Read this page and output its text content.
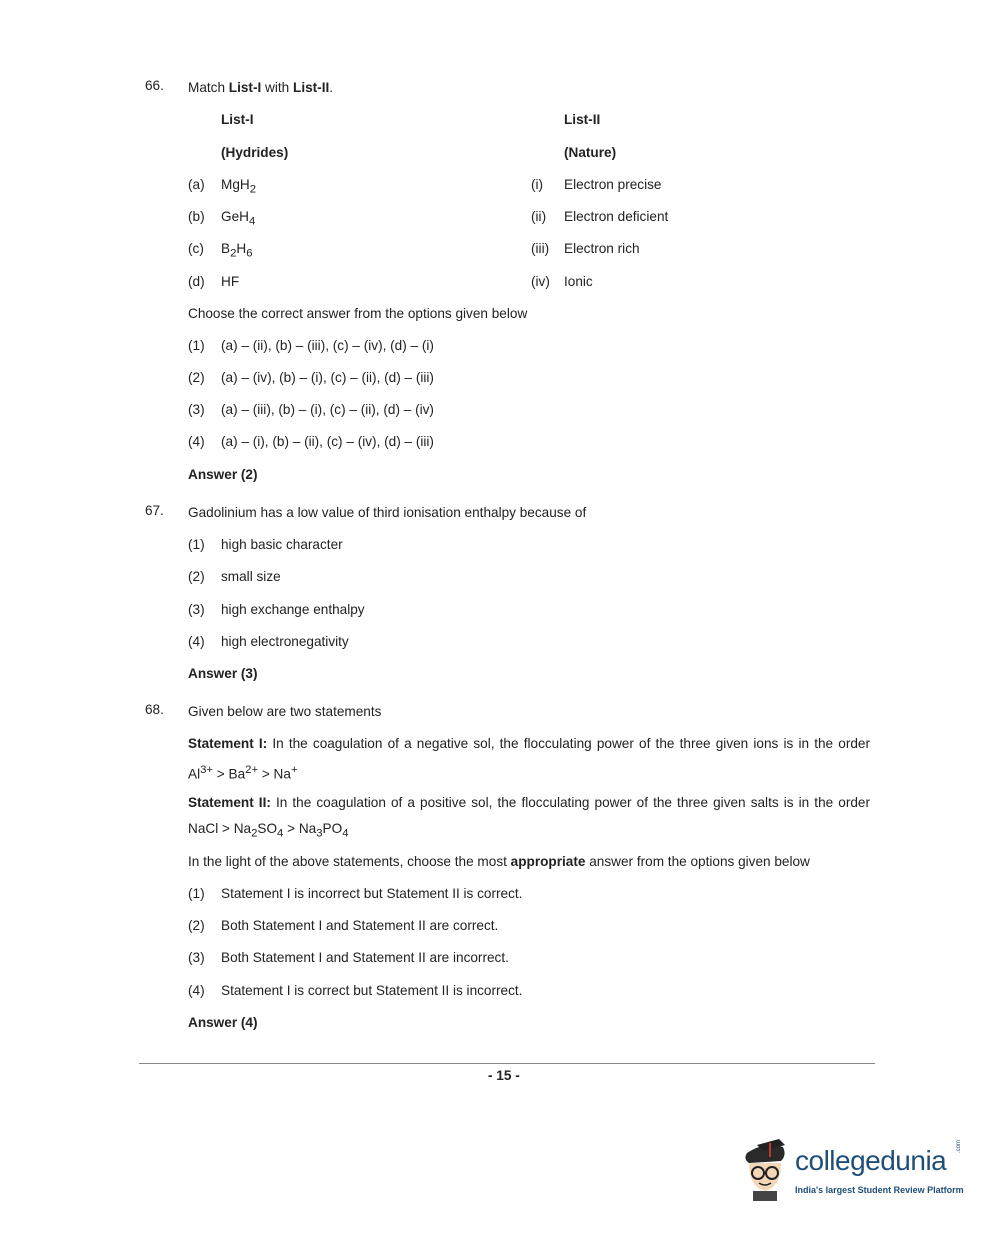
66. Match List-I with List-II.
List-I	List-II
(Hydrides)	(Nature)
(a) MgH$_2$	(i) Electron precise
(b) GeH$_4$	(ii) Electron deficient
(c) $B_2H_6$	(iii) Electron rich
(d) HF	(iv) Ionic
Choose the correct answer from the options given below
(1) (a) – (ii), (b) – (iii), (c) – (iv), (d) – (i)
(2) (a) – (iv), (b) – (i), (c) – (ii), (d) – (iii)
(3) (a) – (iii), (b) – (i), (c) – (ii), (d) – (iv)
(4) (a) – (i), (b) – (ii), (c) – (iv), (d) – (iii)
Answer (2)
67. Gadolinium has a low value of third ionisation enthalpy because of
(1) high basic character
(2) small size
(3) high exchange enthalpy
(4) high electronegativity
Answer (3)
68. Given below are two statements
Statement I: In the coagulation of a negative sol, the flocculating power of the three given ions is in the order $Al^{3+} > Ba^{2+} > Na^+$
Statement II: In the coagulation of a positive sol, the flocculating power of the three given salts is in the order NaCl > $Na_2SO_4 > Na_3PO_4$
In the light of the above statements, choose the most appropriate answer from the options given below
(1) Statement I is incorrect but Statement II is correct.
(2) Both Statement I and Statement II are correct.
(3) Both Statement I and Statement II are incorrect.
(4) Statement I is correct but Statement II is incorrect.
Answer (4)
- 15 -
collegedunia .com
India's largest Student Review Platform
